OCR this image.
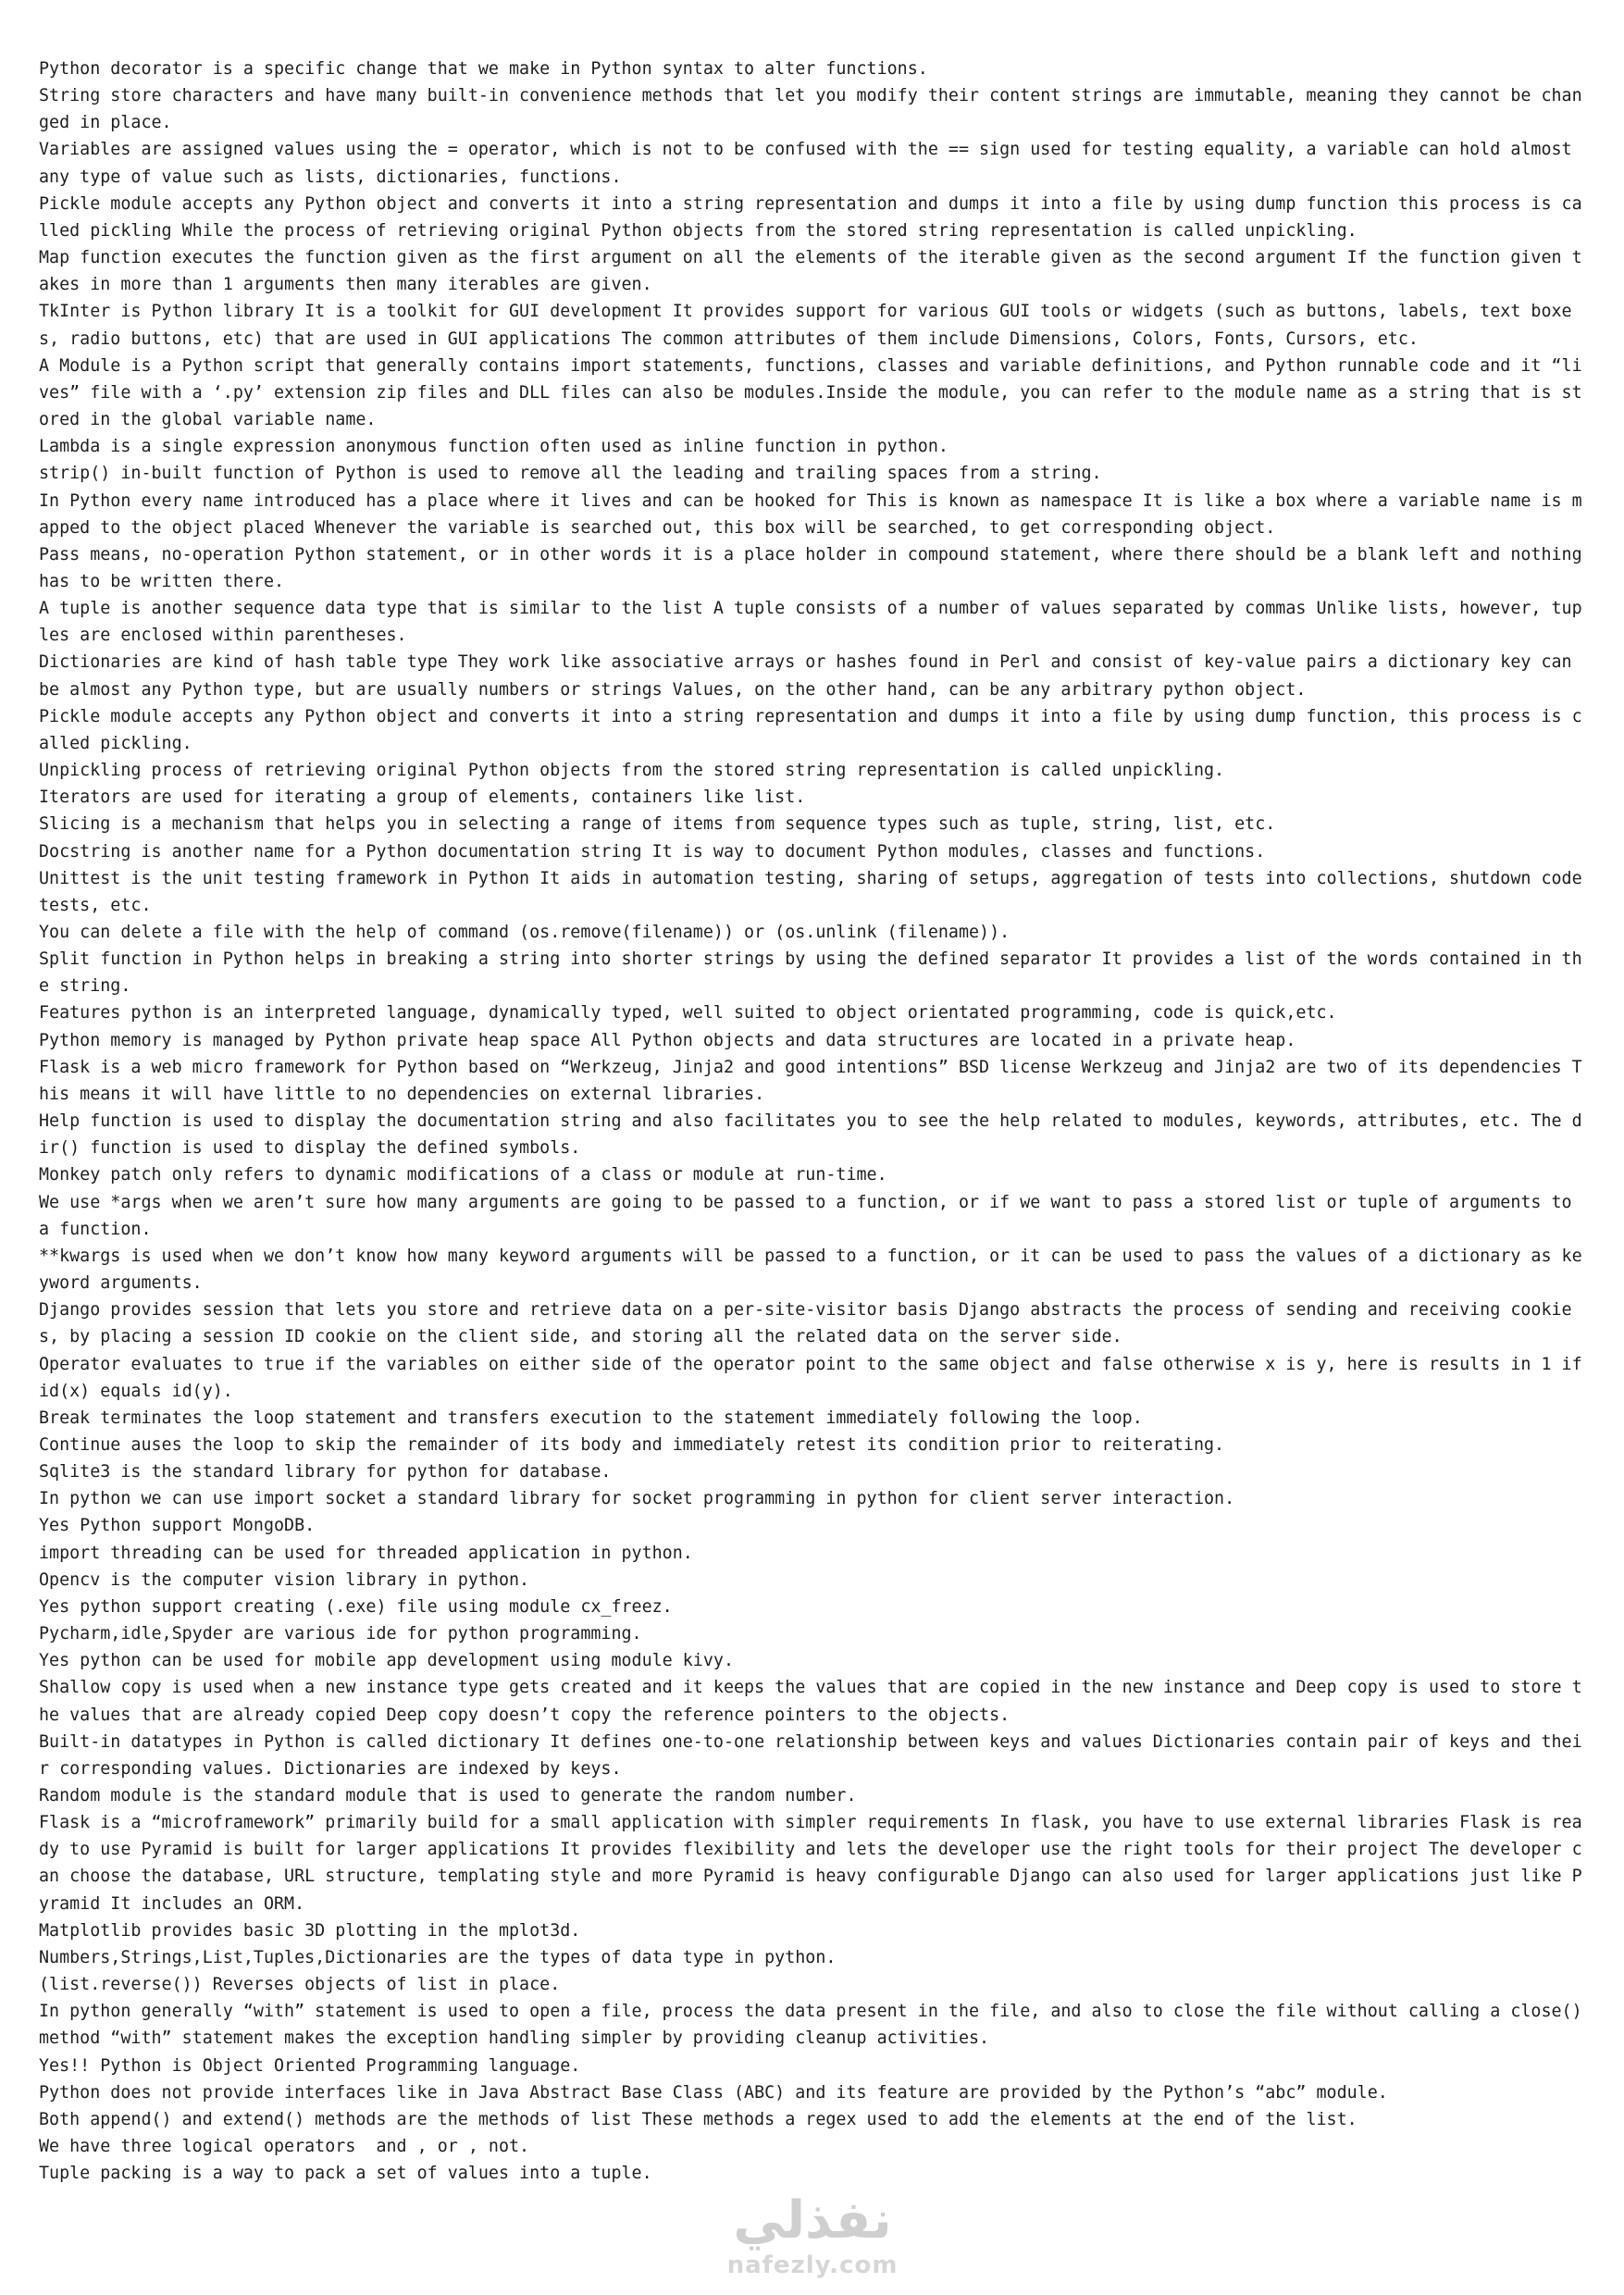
Python decorator is a specific change that we make in Python syntax to alter functions.
String store characters and have many built-in convenience methods that let you modify their content strings are immutable, meaning they cannot be changed in place.
Variables are assigned values using the = operator, which is not to be confused with the == sign used for testing equality, a variable can hold almost any type of value such as lists, dictionaries, functions.
Pickle module accepts any Python object and converts it into a string representation and dumps it into a file by using dump function this process is called pickling While the process of retrieving original Python objects from the stored string representation is called unpickling.
Map function executes the function given as the first argument on all the elements of the iterable given as the second argument If the function given takes in more than 1 arguments then many iterables are given.
TkInter is Python library It is a toolkit for GUI development It provides support for various GUI tools or widgets (such as buttons, labels, text boxes, radio buttons, etc) that are used in GUI applications The common attributes of them include Dimensions, Colors, Fonts, Cursors, etc.
A Module is a Python script that generally contains import statements, functions, classes and variable definitions, and Python runnable code and it “lives” file with a ‘.py’ extension zip files and DLL files can also be modules.Inside the module, you can refer to the module name as a string that is stored in the global variable name.
Lambda is a single expression anonymous function often used as inline function in python.
strip() in-built function of Python is used to remove all the leading and trailing spaces from a string.
In Python every name introduced has a place where it lives and can be hooked for This is known as namespace It is like a box where a variable name is mapped to the object placed Whenever the variable is searched out, this box will be searched, to get corresponding object.
Pass means, no-operation Python statement, or in other words it is a place holder in compound statement, where there should be a blank left and nothing has to be written there.
A tuple is another sequence data type that is similar to the list A tuple consists of a number of values separated by commas Unlike lists, however, tuples are enclosed within parentheses.
Dictionaries are kind of hash table type They work like associative arrays or hashes found in Perl and consist of key-value pairs a dictionary key can be almost any Python type, but are usually numbers or strings Values, on the other hand, can be any arbitrary python object.
Pickle module accepts any Python object and converts it into a string representation and dumps it into a file by using dump function, this process is called pickling.
Unpickling process of retrieving original Python objects from the stored string representation is called unpickling.
Iterators are used for iterating a group of elements, containers like list.
Slicing is a mechanism that helps you in selecting a range of items from sequence types such as tuple, string, list, etc.
Docstring is another name for a Python documentation string It is way to document Python modules, classes and functions.
Unittest is the unit testing framework in Python It aids in automation testing, sharing of setups, aggregation of tests into collections, shutdown code tests, etc.
You can delete a file with the help of command (os.remove(filename)) or (os.unlink (filename)).
Split function in Python helps in breaking a string into shorter strings by using the defined separator It provides a list of the words contained in the string.
Features python is an interpreted language, dynamically typed, well suited to object orientated programming, code is quick,etc.
Python memory is managed by Python private heap space All Python objects and data structures are located in a private heap.
Flask is a web micro framework for Python based on “Werkzeug, Jinja2 and good intentions” BSD license Werkzeug and Jinja2 are two of its dependencies This means it will have little to no dependencies on external libraries.
Help function is used to display the documentation string and also facilitates you to see the help related to modules, keywords, attributes, etc. The dir() function is used to display the defined symbols.
Monkey patch only refers to dynamic modifications of a class or module at run-time.
We use *args when we aren’t sure how many arguments are going to be passed to a function, or if we want to pass a stored list or tuple of arguments to a function.
**kwargs is used when we don’t know how many keyword arguments will be passed to a function, or it can be used to pass the values of a dictionary as keyword arguments.
Django provides session that lets you store and retrieve data on a per-site-visitor basis Django abstracts the process of sending and receiving cookies, by placing a session ID cookie on the client side, and storing all the related data on the server side.
Operator evaluates to true if the variables on either side of the operator point to the same object and false otherwise x is y, here is results in 1 if id(x) equals id(y).
Break terminates the loop statement and transfers execution to the statement immediately following the loop.
Continue auses the loop to skip the remainder of its body and immediately retest its condition prior to reiterating.
Sqlite3 is the standard library for python for database.
In python we can use import socket a standard library for socket programming in python for client server interaction.
Yes Python support MongoDB.
import threading can be used for threaded application in python.
Opencv is the computer vision library in python.
Yes python support creating (.exe) file using module cx_freez.
Pycharm,idle,Spyder are various ide for python programming.
Yes python can be used for mobile app development using module kivy.
Shallow copy is used when a new instance type gets created and it keeps the values that are copied in the new instance and Deep copy is used to store the values that are already copied Deep copy doesn’t copy the reference pointers to the objects.
Built-in datatypes in Python is called dictionary It defines one-to-one relationship between keys and values Dictionaries contain pair of keys and their corresponding values. Dictionaries are indexed by keys.
Random module is the standard module that is used to generate the random number.
Flask is a “microframework” primarily build for a small application with simpler requirements In flask, you have to use external libraries Flask is ready to use Pyramid is built for larger applications It provides flexibility and lets the developer use the right tools for their project The developer can choose the database, URL structure, templating style and more Pyramid is heavy configurable Django can also used for larger applications just like Pyramid It includes an ORM.
Matplotlib provides basic 3D plotting in the mplot3d.
Numbers,Strings,List,Tuples,Dictionaries are the types of data type in python.
(list.reverse()) Reverses objects of list in place.
In python generally “with” statement is used to open a file, process the data present in the file, and also to close the file without calling a close() method “with” statement makes the exception handling simpler by providing cleanup activities.
Yes!! Python is Object Oriented Programming language.
Python does not provide interfaces like in Java Abstract Base Class (ABC) and its feature are provided by the Python’s “abc” module.
Both append() and extend() methods are the methods of list These methods a regex used to add the elements at the end of the list.
We have three logical operators  and , or , not.
Tuple packing is a way to pack a set of values into a tuple.
نفذلي
nafezly.com
